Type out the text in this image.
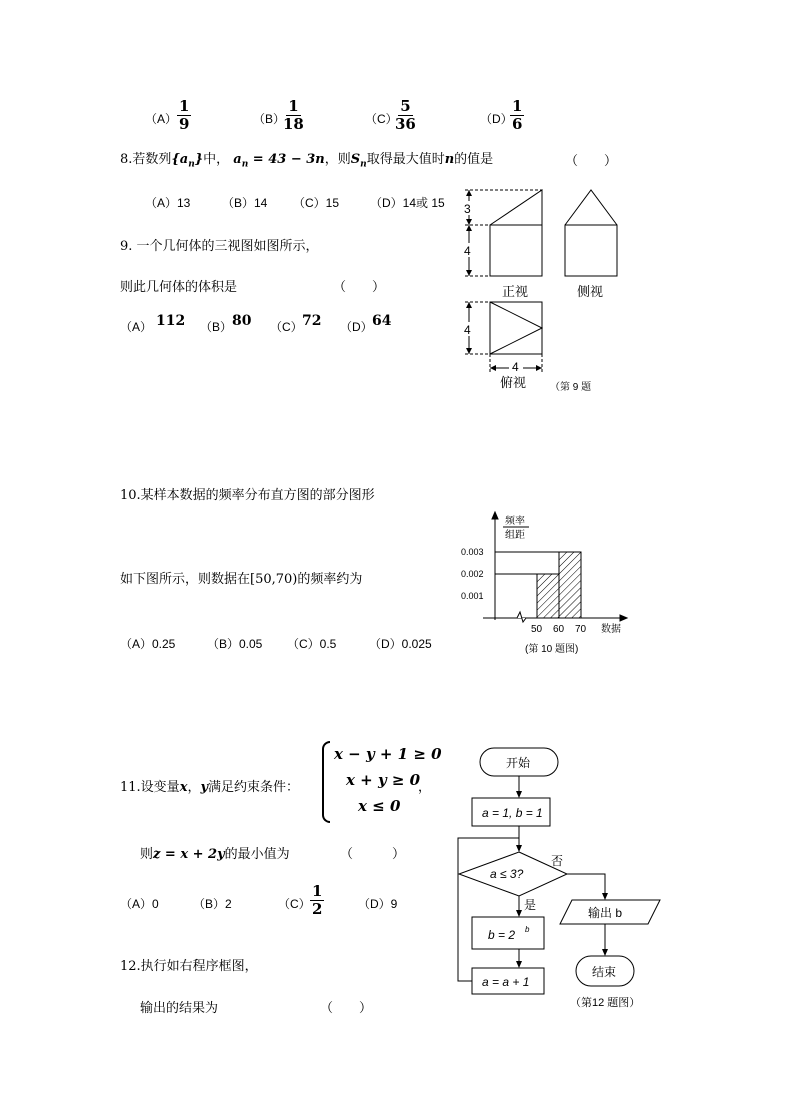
$(A) \frac{1}{9}$	（B）
$\frac{1}{18}$	（C）
$\frac{5}{36}$	（D）
$\frac{1}{6}$
8.若数列$\{a_n\}$中， $a_n = 43 - 3n$，则$S_n$取得最大值时n的值是	（　　）
（A）13	（B）14 （C）15	（D）14或 15
9. 一个几何体的三视图如图所示，
则此几何体的体积是	（　　）
（A） 112 （B） 80 （C） 72 （D） 64
3
4
4
4
正视	侧视
俯视 （第 9 题
10.某样本数据的频率分布直方图的部分图形
如下图所示，则数据在[50,70)的频率约为
（A）0.25	（B）0.05 （C）0.5	（D）0.025
0.003
0.002
0.001
50 60 70
频率
组距
数据
(第 10 题图)
11.设变量x，y满足约束条件：
x − y + 1 ≥ 0
x + y ≥ 0
x ≤ 0
，
则z = x + 2y的最小值为	（　　　）
（A）0	（B）2	$(C) \frac{1}{2}$	（D）9
12.执行如右程序框图，
输出的结果为	（　　）
开始
a = 1, b = 1
a ≤ 3?
否
是
b = 2 b
a = a + 1
输出 b
结束
（第12 题图）
